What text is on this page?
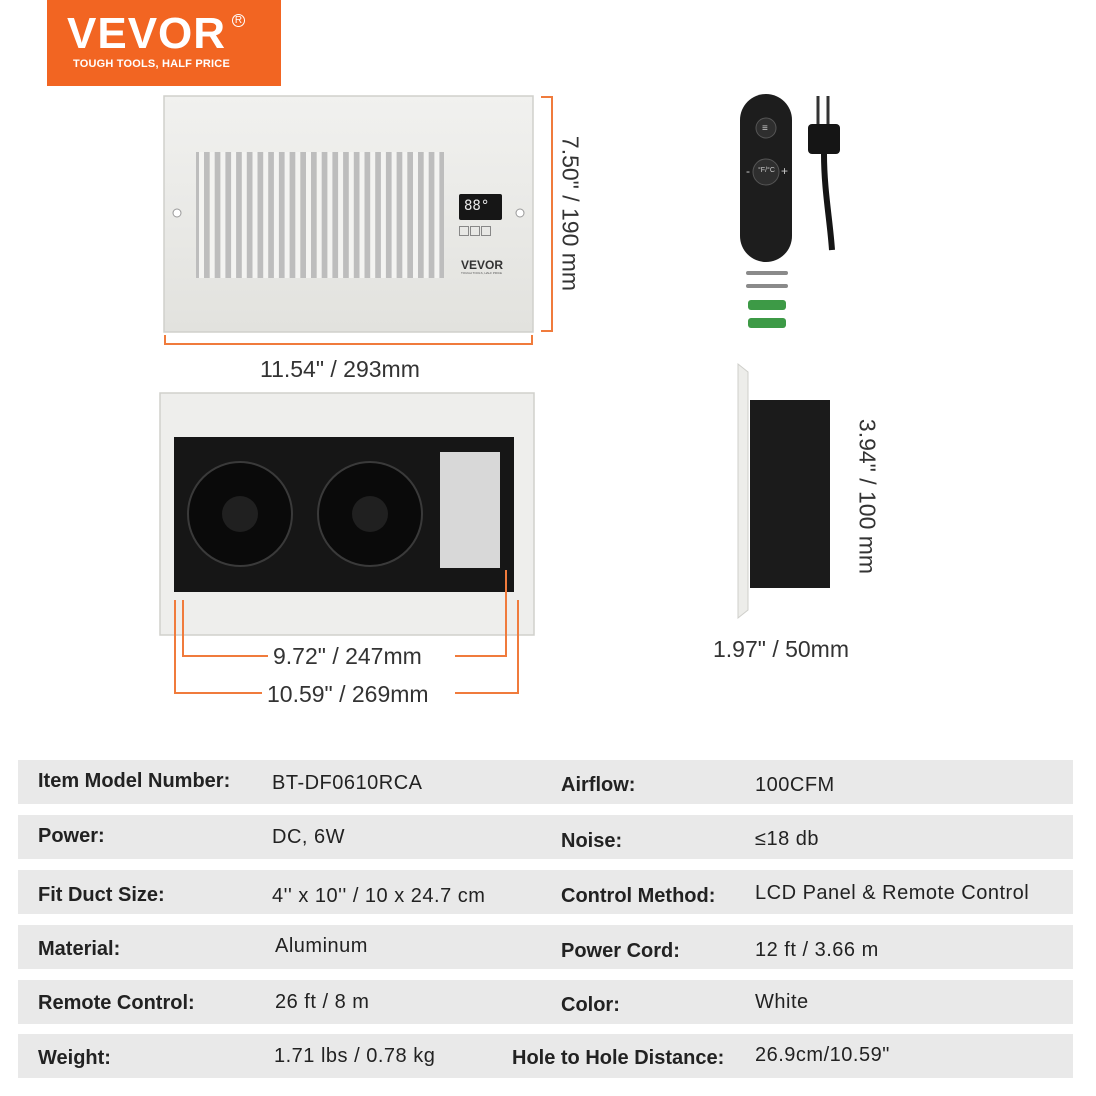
VEVOR R
TOUGH TOOLS, HALF PRICE
88°
VEVOR
TOUGH TOOLS, HALF PRICE 7.50" / 190 mm
11.54" / 293mm
≡
- °F/°C +
9.72" / 247mm
10.59" / 269mm
3.94" / 100 mm
1.97" / 50mm
Item Model Number: BT-DF0610RCA	Airflow:	100CFM
Power:	DC, 6W	Noise:	≤18 db
Fit Duct Size:	4'' x 10'' / 10 x 24.7 cm	Control Method: LCD Panel & Remote Control
Material:	Aluminum	Power Cord:	12 ft / 3.66 m
Remote Control:	26 ft / 8 m	Color:	White
Weight:	1.71 lbs / 0.78 kg	Hole to Hole Distance: 26.9cm/10.59"
